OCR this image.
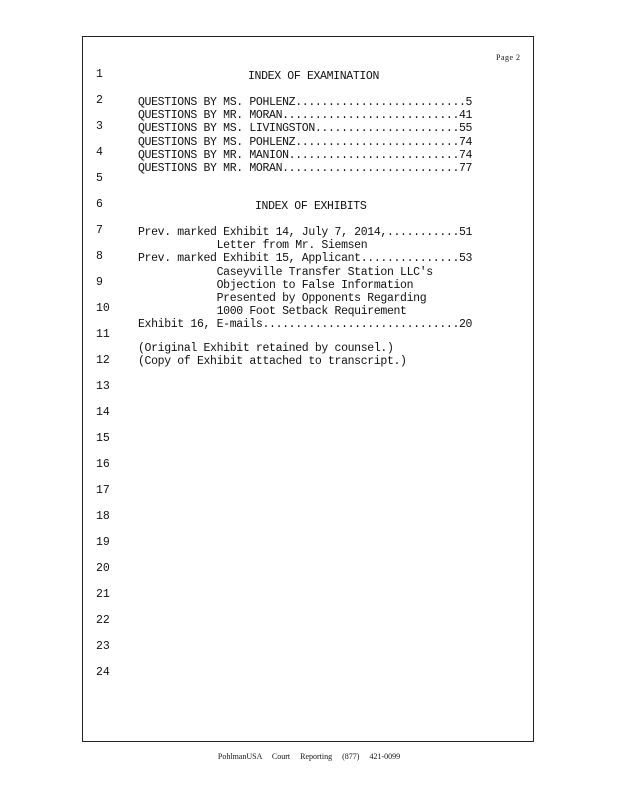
Page 2
1
2
3
4
5
6
7
8
9
10
11
12
13
14
15
16
17
18
19
20
21
22
23
24
INDEX OF EXAMINATION
QUESTIONS BY MS. POHLENZ..........................5
QUESTIONS BY MR. MORAN...........................41
QUESTIONS BY MS. LIVINGSTON......................55
QUESTIONS BY MS. POHLENZ.........................74
QUESTIONS BY MR. MANION..........................74
QUESTIONS BY MR. MORAN...........................77
INDEX OF EXHIBITS
Prev. marked Exhibit 14, July 7, 2014,...........51
Letter from Mr. Siemsen
Prev. marked Exhibit 15, Applicant...............53
Caseyville Transfer Station LLC's
Objection to False Information
Presented by Opponents Regarding
1000 Foot Setback Requirement
Exhibit 16, E-mails..............................20
(Original Exhibit retained by counsel.)
(Copy of Exhibit attached to transcript.)
PohlmanUSA Court Reporting (877) 421-0099
